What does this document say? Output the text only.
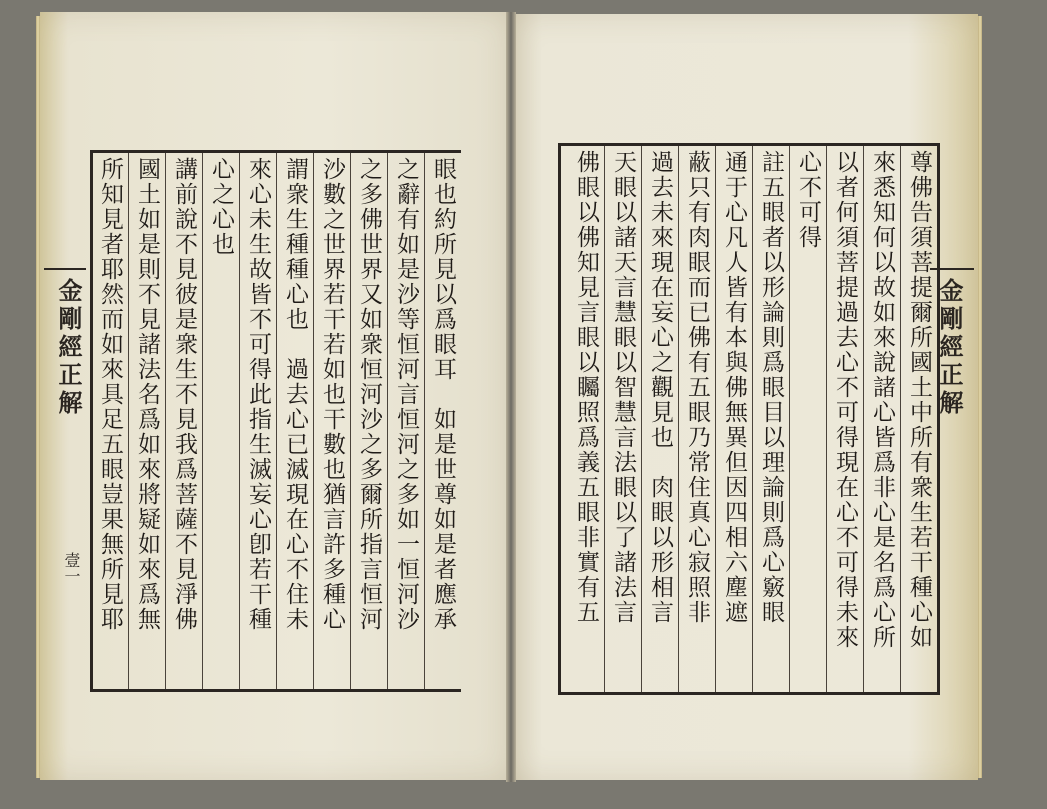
金剛經正解
壹一
金剛經正解
尊佛告須菩提爾所國土中所有衆生若干種心如
來悉知何以故如來說諸心皆爲非心是名爲心所
以者何須菩提過去心不可得現在心不可得未來
心不可得
註五眼者以形論則爲眼目以理論則爲心竅眼
通于心凡人皆有本與佛無異但因四相六塵遮
蔽只有肉眼而已佛有五眼乃常住真心寂照非
過去未來現在妄心之觀見也　肉眼以形相言
天眼以諸天言慧眼以智慧言法眼以了諸法言
佛眼以佛知見言眼以矚照爲義五眼非實有五
眼也約所見以爲眼耳　如是世尊如是者應承
之辭有如是沙等恒河言恒河之多如一恒河沙
之多佛世界又如衆恒河沙之多爾所指言恒河
沙數之世界若干若如也干數也猶言許多種心
謂衆生種種心也　過去心已滅現在心不住未
來心未生故皆不可得此指生滅妄心卽若干種
心之心也
講前說不見彼是衆生不見我爲菩薩不見淨佛
國土如是則不見諸法名爲如來將疑如來爲無
所知見者耶然而如來具足五眼豈果無所見耶
